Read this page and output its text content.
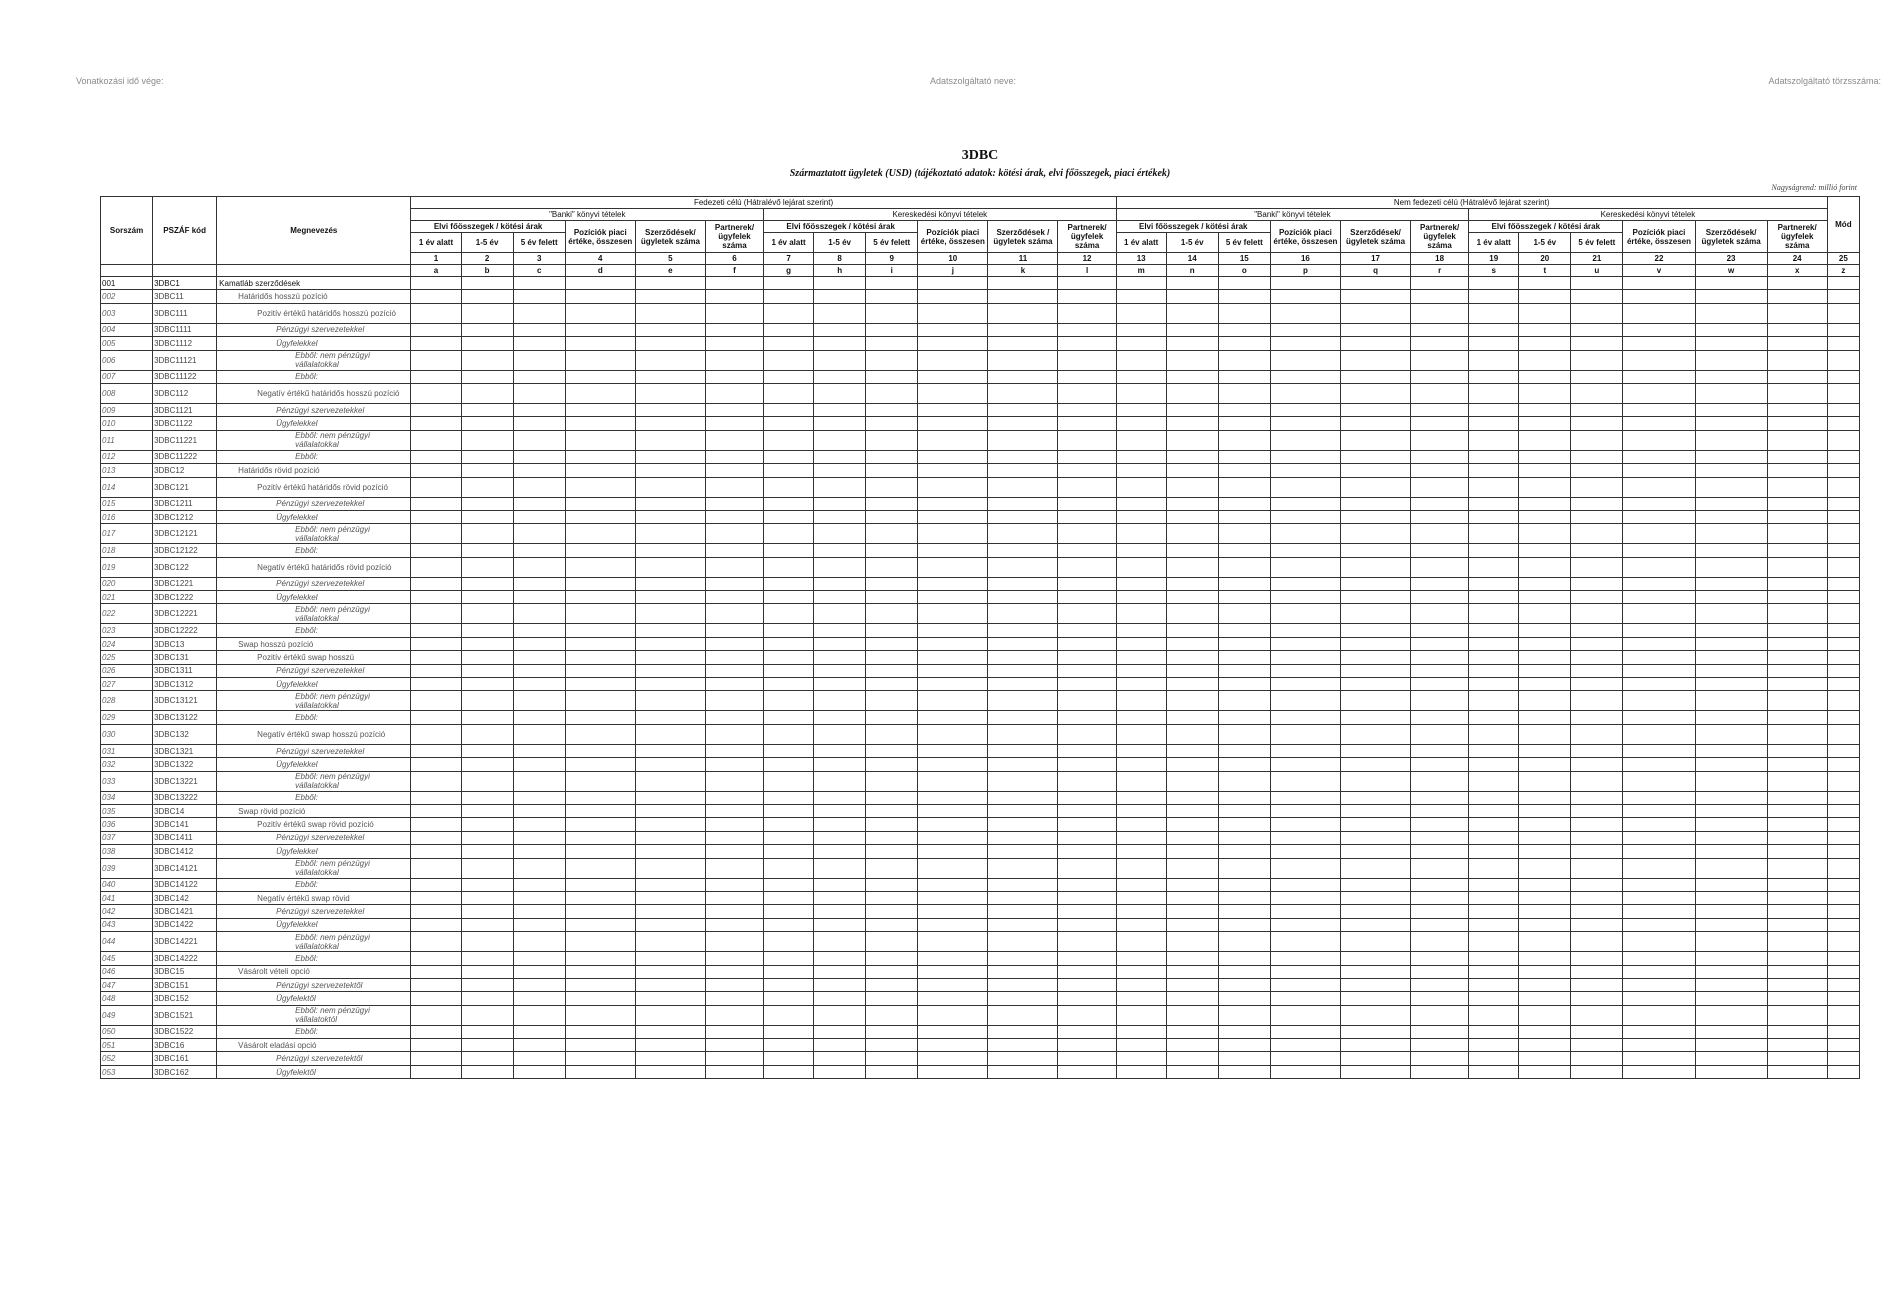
Vonatkozási idő vége:	Adatszolgáltató neve:	Adatszolgáltató törzsszáma:
3DBC
Származtatott ügyletek (USD) (tájékoztató adatok: kötési árak, elvi főösszegek, piaci értékek)
Nagyságrend: millió forint
Sorszám	PSZÁF kód	Megnevezés	Fedezeti célú (Hátralévő lejárat szerint)												Nem fedezeti célú (Hátralévő lejárat szerint)												Mód
			"Banki" könyvi tételek						Kereskedési könyvi tételek						"Banki" könyvi tételek						Kereskedési könyvi tételek						
			Elvi főösszegek / kötési árak			Pozíciók piaci értéke, összesen	Szerződések/ ügyletek száma	Partnerek/ ügyfelek száma	Elvi főösszegek / kötési árak			Pozíciók piaci értéke, összesen	Szerződések / ügyletek száma	Partnerek/ ügyfelek száma	Elvi főösszegek / kötési árak			Pozíciók piaci értéke, összesen	Szerződések/ ügyletek száma	Partnerek/ ügyfelek száma	Elvi főösszegek / kötési árak			Pozíciók piaci értéke, összesen	Szerződések/ ügyletek száma	Partnerek/ ügyfelek száma	
			1 év alatt	1-5 év	5 év felett				1 év alatt	1-5 év	5 év felett				1 év alatt	1-5 év	5 év felett				1 év alatt	1-5 év	5 év felett				
			1	2	3	4	5	6	7	8	9	10	11	12	13	14	15	16	17	18	19	20	21	22	23	24	25
			a	b	c	d	e	f	g	h	i	j	k	l	m	n	o	p	q	r	s	t	u	v	w	x	z
001	3DBC1	Kamatláb szerződések																									
002	3DBC11	Határidős hosszú pozíció																									
003	3DBC111	Pozitív értékű határidős hosszú pozíció																									
004	3DBC1111	Pénzügyi szervezetekkel																									
005	3DBC1112	Ügyfelekkel																									
006	3DBC11121	Ebből: nem pénzügyi vállalatokkal																									
007	3DBC11122	Ebből:																									
008	3DBC112	Negatív értékű határidős hosszú pozíció																									
009	3DBC1121	Pénzügyi szervezetekkel																									
010	3DBC1122	Ügyfelekkel																									
011	3DBC11221	Ebből: nem pénzügyi vállalatokkal																									
012	3DBC11222	Ebből:																									
013	3DBC12	Határidős rövid pozíció																									
014	3DBC121	Pozitív értékű határidős rövid pozíció																									
015	3DBC1211	Pénzügyi szervezetekkel																									
016	3DBC1212	Ügyfelekkel																									
017	3DBC12121	Ebből: nem pénzügyi vállalatokkal																									
018	3DBC12122	Ebből:																									
019	3DBC122	Negatív értékű határidős rövid pozíció																									
020	3DBC1221	Pénzügyi szervezetekkel																									
021	3DBC1222	Ügyfelekkel																									
022	3DBC12221	Ebből: nem pénzügyi vállalatokkal																									
023	3DBC12222	Ebből:																									
024	3DBC13	Swap hosszú pozíció																									
025	3DBC131	Pozitív értékű swap hosszú																									
026	3DBC1311	Pénzügyi szervezetekkel																									
027	3DBC1312	Ügyfelekkel																									
028	3DBC13121	Ebből: nem pénzügyi vállalatokkal																									
029	3DBC13122	Ebből:																									
030	3DBC132	Negatív értékű swap hosszú pozíció																									
031	3DBC1321	Pénzügyi szervezetekkel																									
032	3DBC1322	Ügyfelekkel																									
033	3DBC13221	Ebből: nem pénzügyi vállalatokkal																									
034	3DBC13222	Ebből:																									
035	3DBC14	Swap rövid pozíció																									
036	3DBC141	Pozitív értékű swap rövid pozíció																									
037	3DBC1411	Pénzügyi szervezetekkel																									
038	3DBC1412	Ügyfelekkel																									
039	3DBC14121	Ebből: nem pénzügyi vállalatokkal																									
040	3DBC14122	Ebből:																									
041	3DBC142	Negatív értékű swap rövid																									
042	3DBC1421	Pénzügyi szervezetekkel																									
043	3DBC1422	Ügyfelekkel																									
044	3DBC14221	Ebből: nem pénzügyi vállalatokkal																									
045	3DBC14222	Ebből:																									
046	3DBC15	Vásárolt vételi opció																									
047	3DBC151	Pénzügyi szervezetektől																									
048	3DBC152	Ügyfelektől																									
049	3DBC1521	Ebből: nem pénzügyi vállalatoktól																									
050	3DBC1522	Ebből:																									
051	3DBC16	Vásárolt eladási opció																									
052	3DBC161	Pénzügyi szervezetektől																									
053	3DBC162	Ügyfelektől																									
